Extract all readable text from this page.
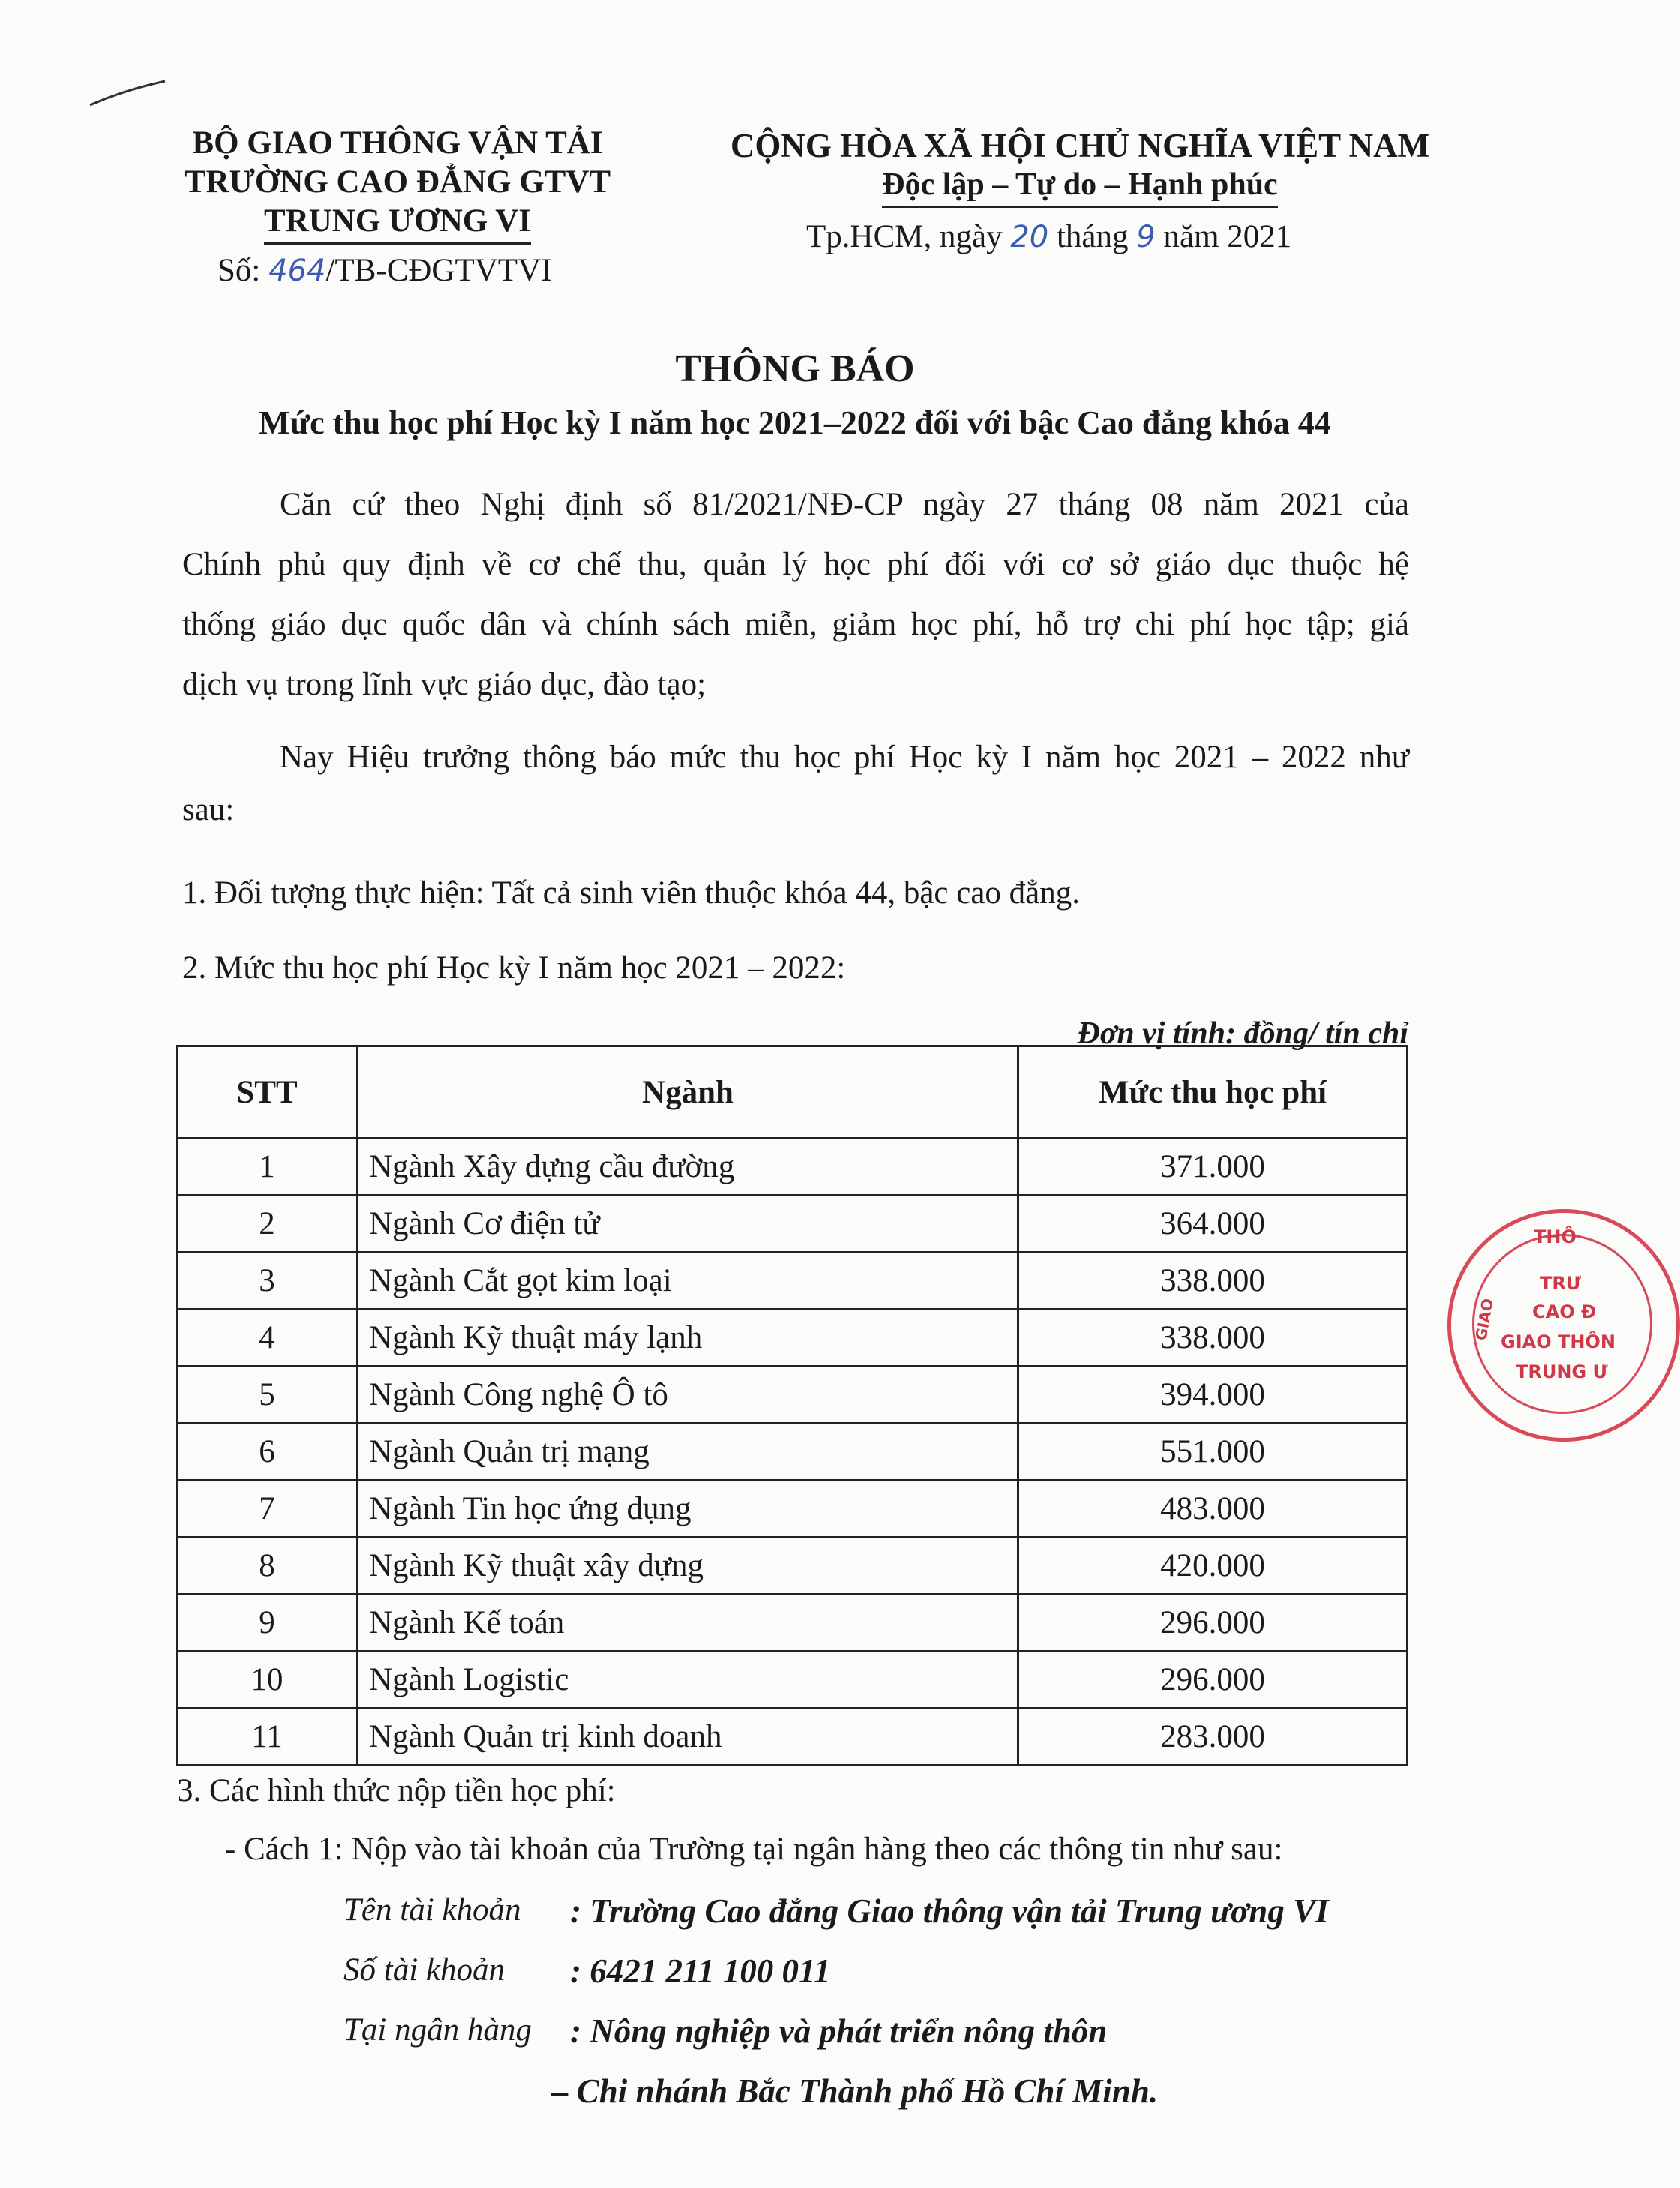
BỘ GIAO THÔNG VẬN TẢI
TRƯỜNG CAO ĐẲNG GTVT
TRUNG ƯƠNG VI
Số: 464/TB-CĐGTVTVI
CỘNG HÒA XÃ HỘI CHỦ NGHĨA VIỆT NAM
Độc lập – Tự do – Hạnh phúc
Tp.HCM, ngày 20 tháng 9 năm 2021
THÔNG BÁO
Mức thu học phí Học kỳ I năm học 2021–2022 đối với bậc Cao đẳng khóa 44
Căn cứ theo Nghị định số 81/2021/NĐ-CP ngày 27 tháng 08 năm 2021 của
Chính phủ quy định về cơ chế thu, quản lý học phí đối với cơ sở giáo dục thuộc hệ
thống giáo dục quốc dân và chính sách miễn, giảm học phí, hỗ trợ chi phí học tập; giá
dịch vụ trong lĩnh vực giáo dục, đào tạo;
Nay Hiệu trưởng thông báo mức thu học phí Học kỳ I năm học 2021 – 2022 như
sau:
1. Đối tượng thực hiện: Tất cả sinh viên thuộc khóa 44, bậc cao đẳng.
2. Mức thu học phí Học kỳ I năm học 2021 – 2022:
Đơn vị tính: đồng/ tín chỉ
STT	Ngành	Mức thu học phí
1	Ngành Xây dựng cầu đường	371.000
2	Ngành Cơ điện tử	364.000
3	Ngành Cắt gọt kim loại	338.000
4	Ngành Kỹ thuật máy lạnh	338.000
5	Ngành Công nghệ Ô tô	394.000
6	Ngành Quản trị mạng	551.000
7	Ngành Tin học ứng dụng	483.000
8	Ngành Kỹ thuật xây dựng	420.000
9	Ngành Kế toán	296.000
10	Ngành Logistic	296.000
11	Ngành Quản trị kinh doanh	283.000
3. Các hình thức nộp tiền học phí:
- Cách 1: Nộp vào tài khoản của Trường tại ngân hàng theo các thông tin như sau:
Tên tài khoản : Trường Cao đẳng Giao thông vận tải Trung ương VI
Số tài khoản : 6421 211 100 011
Tại ngân hàng : Nông nghiệp và phát triển nông thôn
– Chi nhánh Bắc Thành phố Hồ Chí Minh.
THÔ
TRƯ
CAO Đ
GIAO THÔN
TRUNG Ư
GIAO
